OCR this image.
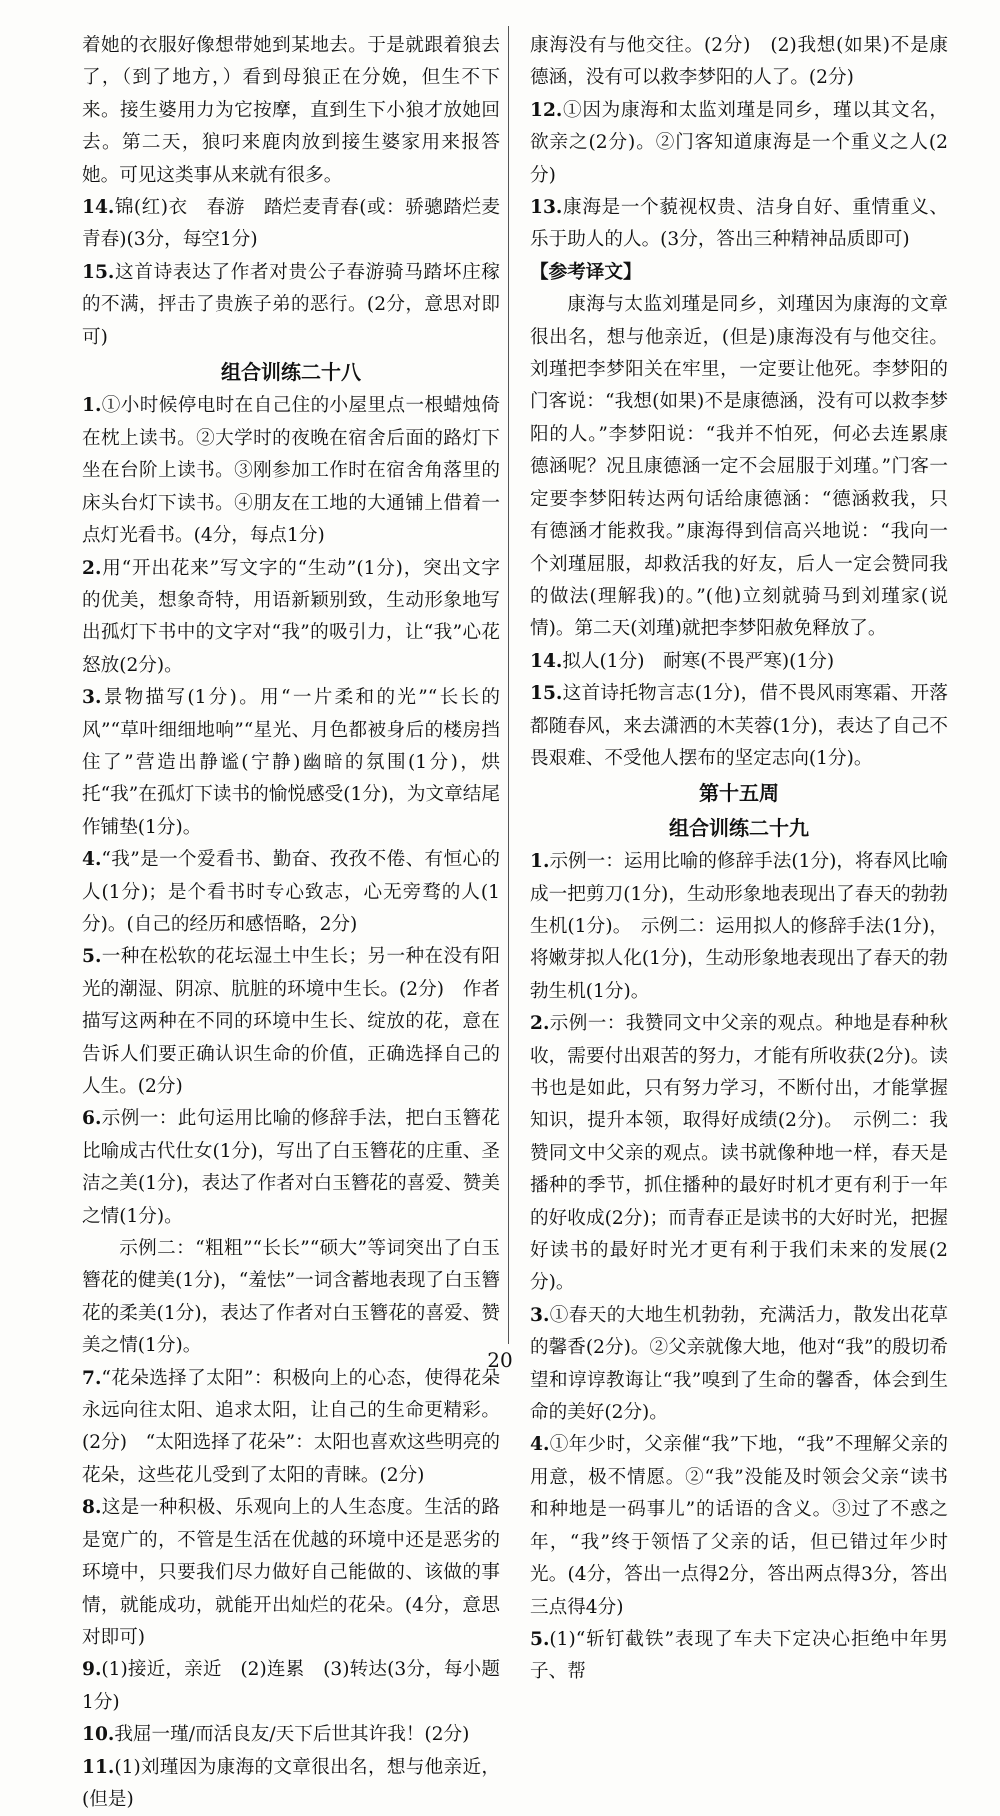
着她的衣服好像想带她到某地去。于是就跟着狼去了，（到了地方，）看到母狼正在分娩，但生不下来。接生婆用力为它按摩，直到生下小狼才放她回去。第二天，狼叼来鹿肉放到接生婆家用来报答她。可见这类事从来就有很多。

14.锦(红)衣　春游　踏烂麦青春(或：骄骢踏烂麦青春)(3分，每空1分)

15.这首诗表达了作者对贵公子春游骑马踏坏庄稼的不满，抨击了贵族子弟的恶行。(2分，意思对即可)

组合训练二十八

1.①小时候停电时在自己住的小屋里点一根蜡烛倚在枕上读书。②大学时的夜晚在宿舍后面的路灯下坐在台阶上读书。③刚参加工作时在宿舍角落里的床头台灯下读书。④朋友在工地的大通铺上借着一点灯光看书。(4分，每点1分)

2.用“开出花来”写文字的“生动”(1分)，突出文字的优美，想象奇特，用语新颖别致，生动形象地写出孤灯下书中的文字对“我”的吸引力，让“我”心花怒放(2分)。

3.景物描写(1分)。用“一片柔和的光”“长长的风”“草叶细细地响”“星光、月色都被身后的楼房挡住了”营造出静谧(宁静)幽暗的氛围(1分)，烘托“我”在孤灯下读书的愉悦感受(1分)，为文章结尾作铺垫(1分)。

4.“我”是一个爱看书、勤奋、孜孜不倦、有恒心的人(1分)；是个看书时专心致志，心无旁骛的人(1分)。(自己的经历和感悟略，2分)

5.一种在松软的花坛湿土中生长；另一种在没有阳光的潮湿、阴凉、肮脏的环境中生长。(2分)　作者描写这两种在不同的环境中生长、绽放的花，意在告诉人们要正确认识生命的价值，正确选择自己的人生。(2分)

6.示例一：此句运用比喻的修辞手法，把白玉簪花比喻成古代仕女(1分)，写出了白玉簪花的庄重、圣洁之美(1分)，表达了作者对白玉簪花的喜爱、赞美之情(1分)。

示例二：“粗粗”“长长”“硕大”等词突出了白玉簪花的健美(1分)，“羞怯”一词含蓄地表现了白玉簪花的柔美(1分)，表达了作者对白玉簪花的喜爱、赞美之情(1分)。

7.“花朵选择了太阳”：积极向上的心态，使得花朵永远向往太阳、追求太阳，让自己的生命更精彩。(2分)　“太阳选择了花朵”：太阳也喜欢这些明亮的花朵，这些花儿受到了太阳的青睐。(2分)

8.这是一种积极、乐观向上的人生态度。生活的路是宽广的，不管是生活在优越的环境中还是恶劣的环境中，只要我们尽力做好自己能做的、该做的事情，就能成功，就能开出灿烂的花朵。(4分，意思对即可)

9.(1)接近，亲近　(2)连累　(3)转达(3分，每小题1分)

10.我屈一瑾/而活良友/天下后世其许我！(2分)

11.(1)刘瑾因为康海的文章很出名，想与他亲近，(但是)

康海没有与他交往。(2分)　(2)我想(如果)不是康德涵，没有可以救李梦阳的人了。(2分)

12.①因为康海和太监刘瑾是同乡，瑾以其文名，欲亲之(2分)。②门客知道康海是一个重义之人(2分)

13.康海是一个藐视权贵、洁身自好、重情重义、乐于助人的人。(3分，答出三种精神品质即可)

【参考译文】

康海与太监刘瑾是同乡，刘瑾因为康海的文章很出名，想与他亲近，(但是)康海没有与他交往。刘瑾把李梦阳关在牢里，一定要让他死。李梦阳的门客说：“我想(如果)不是康德涵，没有可以救李梦阳的人。”李梦阳说：“我并不怕死，何必去连累康德涵呢？况且康德涵一定不会屈服于刘瑾。”门客一定要李梦阳转达两句话给康德涵：“德涵救我，只有德涵才能救我。”康海得到信高兴地说：“我向一个刘瑾屈服，却救活我的好友，后人一定会赞同我的做法(理解我)的。”(他)立刻就骑马到刘瑾家(说情)。第二天(刘瑾)就把李梦阳赦免释放了。

14.拟人(1分)　耐寒(不畏严寒)(1分)

15.这首诗托物言志(1分)，借不畏风雨寒霜、开落都随春风，来去潇洒的木芙蓉(1分)，表达了自己不畏艰难、不受他人摆布的坚定志向(1分)。

第十五周

组合训练二十九

1.示例一：运用比喻的修辞手法(1分)，将春风比喻成一把剪刀(1分)，生动形象地表现出了春天的勃勃生机(1分)。　示例二：运用拟人的修辞手法(1分)，将嫩芽拟人化(1分)，生动形象地表现出了春天的勃勃生机(1分)。

2.示例一：我赞同文中父亲的观点。种地是春种秋收，需要付出艰苦的努力，才能有所收获(2分)。读书也是如此，只有努力学习，不断付出，才能掌握知识，提升本领，取得好成绩(2分)。　示例二：我赞同文中父亲的观点。读书就像种地一样，春天是播种的季节，抓住播种的最好时机才更有利于一年的好收成(2分)；而青春正是读书的大好时光，把握好读书的最好时光才更有利于我们未来的发展(2分)。

3.①春天的大地生机勃勃，充满活力，散发出花草的馨香(2分)。②父亲就像大地，他对“我”的殷切希望和谆谆教诲让“我”嗅到了生命的馨香，体会到生命的美好(2分)。

4.①年少时，父亲催“我”下地，“我”不理解父亲的用意，极不情愿。②“我”没能及时领会父亲“读书和种地是一码事儿”的话语的含义。③过了不惑之年，“我”终于领悟了父亲的话，但已错过年少时光。(4分，答出一点得2分，答出两点得3分，答出三点得4分)

5.(1)“斩钉截铁”表现了车夫下定决心拒绝中年男子、帮

20
